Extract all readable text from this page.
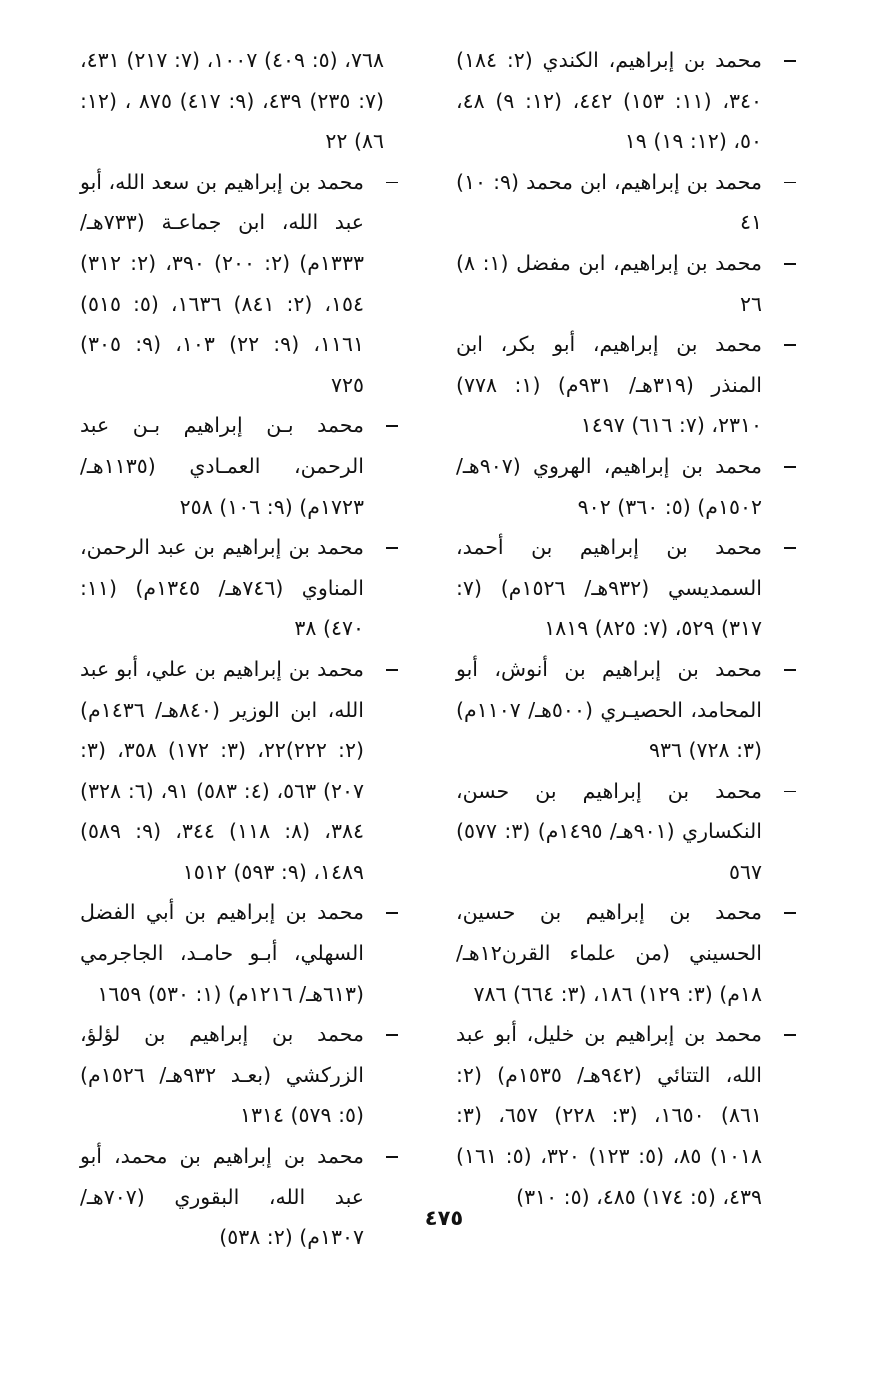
محمد بن إبراهيم، الكندي (٢: ١٨٤) ٣٤٠، (١١: ١٥٣) ٤٤٢، (١٢: ٩) ٤٨، ٥٠، (١٢: ١٩) ١٩

محمد بن إبراهيم، ابن محمد (٩: ١٠) ٤١

محمد بن إبراهيم، ابن مفضل (١: ٨) ٢٦

محمد بن إبراهيم، أبو بكر، ابن المنذر (٣١٩هـ/ ٩٣١م) (١: ٧٧٨) ٢٣١٠، (٧: ٦١٦) ١٤٩٧

محمد بن إبراهيم، الهروي (٩٠٧هـ/ ١٥٠٢م) (٥: ٣٦٠) ٩٠٢

محمد بن إبراهيم بن أحمد، السمديسي (٩٣٢هـ/ ١٥٢٦م) (٧: ٣١٧) ٥٢٩، (٧: ٨٢٥) ١٨١٩

محمد بن إبراهيم بن أنوش، أبو المحامد، الحصيـري (٥٠٠هـ/ ١١٠٧م) (٣: ٧٢٨) ٩٣٦

محمد بن إبراهيم بن حسن، النكساري (٩٠١هـ/ ١٤٩٥م) (٣: ٥٧٧) ٥٦٧

محمد بن إبراهيم بن حسين، الحسيني (من علماء القرن١٢هـ/ ١٨م) (٣: ١٢٩) ١٨٦، (٣: ٦٦٤) ٧٨٦

محمد بن إبراهيم بن خليل، أبو عبد الله، التتائي (٩٤٢هـ/ ١٥٣٥م) (٢: ٨٦١) ١٦٥٠، (٣: ٢٢٨) ٦٥٧، (٣: ١٠١٨) ٨٥، (٥: ١٢٣) ٣٢٠، (٥: ١٦١) ٤٣٩، (٥: ١٧٤) ٤٨٥، (٥: ٣١٠)

٧٦٨، (٥: ٤٠٩) ١٠٠٧، (٧: ٢١٧) ٤٣١، (٧: ٢٣٥) ٤٣٩، (٩: ٤١٧) ٨٧٥ ، (١٢: ٨٦) ٢٢

محمد بن إبراهيم بن سعد الله، أبو عبد الله، ابن جماعـة (٧٣٣هـ/ ١٣٣٣م) (٢: ٢٠٠) ٣٩٠، (٢: ٣١٢) ١٥٤، (٢: ٨٤١) ١٦٣٦، (٥: ٥١٥) ١١٦١، (٩: ٢٢) ١٠٣، (٩: ٣٠٥) ٧٢٥

محمد بـن إبراهيم بـن عبد الرحمن، العمـادي (١١٣٥هـ/ ١٧٢٣م) (٩: ١٠٦) ٢٥٨

محمد بن إبراهيم بن عبد الرحمن، المناوي (٧٤٦هـ/ ١٣٤٥م) (١١: ٤٧٠) ٣٨

محمد بن إبراهيم بن علي، أبو عبد الله، ابن الوزير (٨٤٠هـ/ ١٤٣٦م) (٢: ٢٢٢)٢٢، (٣: ١٧٢) ٣٥٨، (٣: ٢٠٧) ٥٦٣، (٤: ٥٨٣) ٩١، (٦: ٣٢٨) ٣٨٤، (٨: ١١٨) ٣٤٤، (٩: ٥٨٩) ١٤٨٩، (٩: ٥٩٣) ١٥١٢

محمد بن إبراهيم بن أبي الفضل السهلي، أبـو حامـد، الجاجرمي (٦١٣هـ/ ١٢١٦م) (١: ٥٣٠) ١٦٥٩

محمد بن إبراهيم بن لؤلؤ، الزركشي (بعـد ٩٣٢هـ/ ١٥٢٦م) (٥: ٥٧٩) ١٣١٤

محمد بن إبراهيم بن محمد، أبو عبد الله، البقوري (٧٠٧هـ/ ١٣٠٧م) (٢: ٥٣٨)

٤٧٥
